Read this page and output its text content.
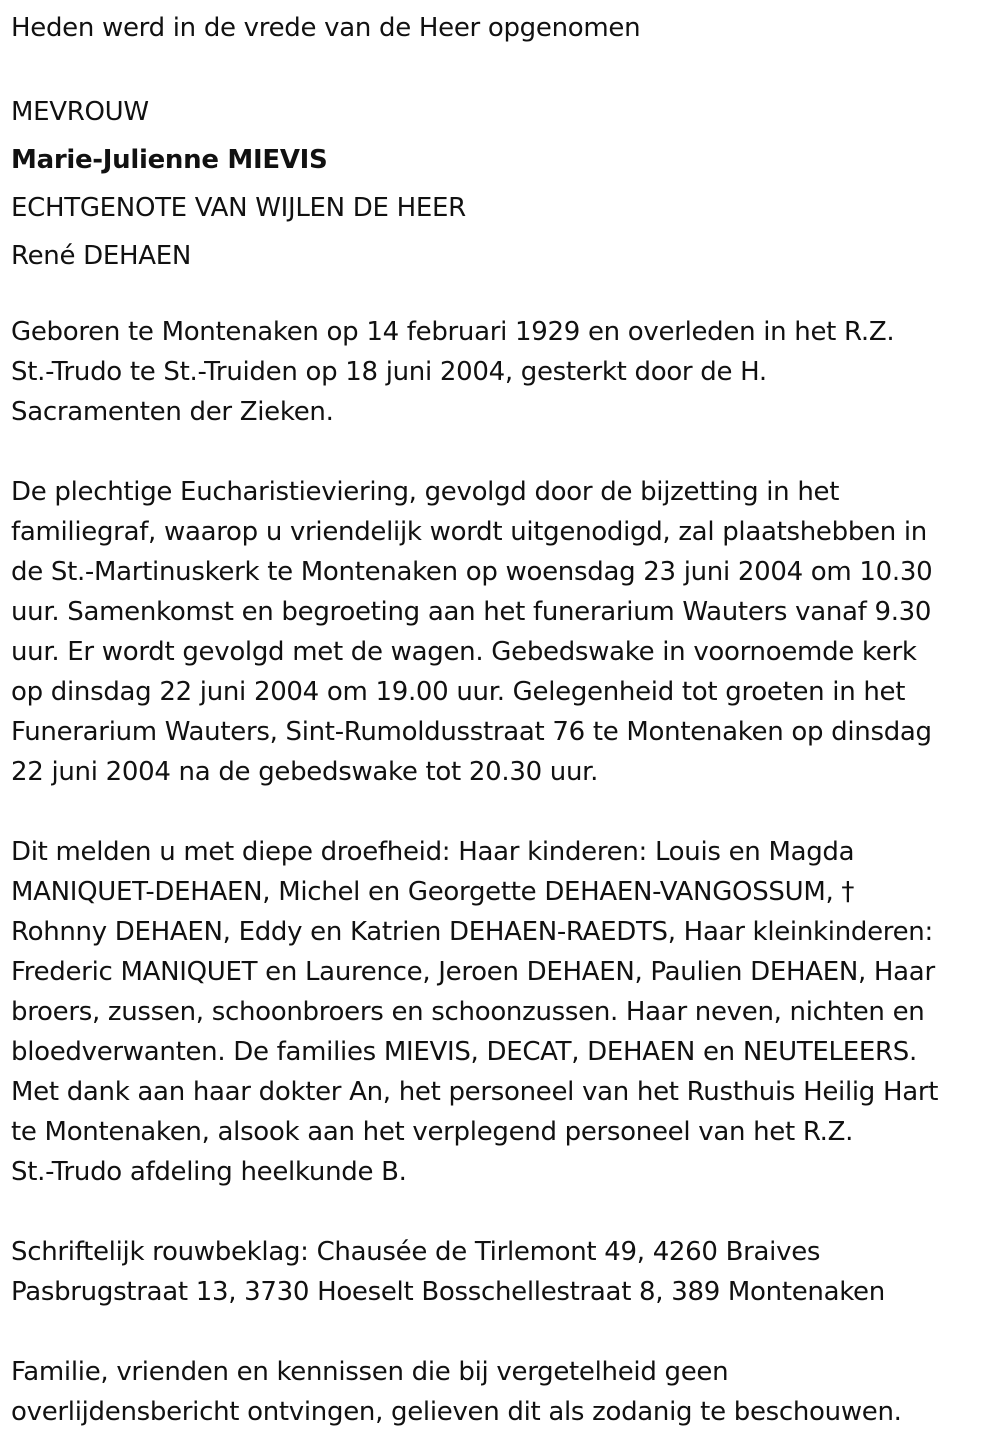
Heden werd in de vrede van de Heer opgenomen

MEVROUW

Marie-Julienne MIEVIS

ECHTGENOTE VAN WIJLEN DE HEER

René DEHAEN

Geboren te Montenaken op 14 februari 1929 en overleden in het R.Z.

St.-Trudo te St.-Truiden op 18 juni 2004, gesterkt door de H.

Sacramenten der Zieken.

De plechtige Eucharistieviering, gevolgd door de bijzetting in het

familiegraf, waarop u vriendelijk wordt uitgenodigd, zal plaatshebben in

de St.-Martinuskerk te Montenaken op woensdag 23 juni 2004 om 10.30

uur. Samenkomst en begroeting aan het funerarium Wauters vanaf 9.30

uur. Er wordt gevolgd met de wagen. Gebedswake in voornoemde kerk

op dinsdag 22 juni 2004 om 19.00 uur. Gelegenheid tot groeten in het

Funerarium Wauters, Sint-Rumoldusstraat 76 te Montenaken op dinsdag

22 juni 2004 na de gebedswake tot 20.30 uur.

Dit melden u met diepe droefheid: Haar kinderen: Louis en Magda

MANIQUET-DEHAEN, Michel en Georgette DEHAEN-VANGOSSUM, †

Rohnny DEHAEN, Eddy en Katrien DEHAEN-RAEDTS, Haar kleinkinderen:

Frederic MANIQUET en Laurence, Jeroen DEHAEN, Paulien DEHAEN, Haar

broers, zussen, schoonbroers en schoonzussen. Haar neven, nichten en

bloedverwanten. De families MIEVIS, DECAT, DEHAEN en NEUTELEERS.

Met dank aan haar dokter An, het personeel van het Rusthuis Heilig Hart

te Montenaken, alsook aan het verplegend personeel van het R.Z.

St.-Trudo afdeling heelkunde B.

Schriftelijk rouwbeklag: Chausée de Tirlemont 49, 4260 Braives

Pasbrugstraat 13, 3730 Hoeselt Bosschellestraat 8, 389 Montenaken

Familie, vrienden en kennissen die bij vergetelheid geen

overlijdensbericht ontvingen, gelieven dit als zodanig te beschouwen.
